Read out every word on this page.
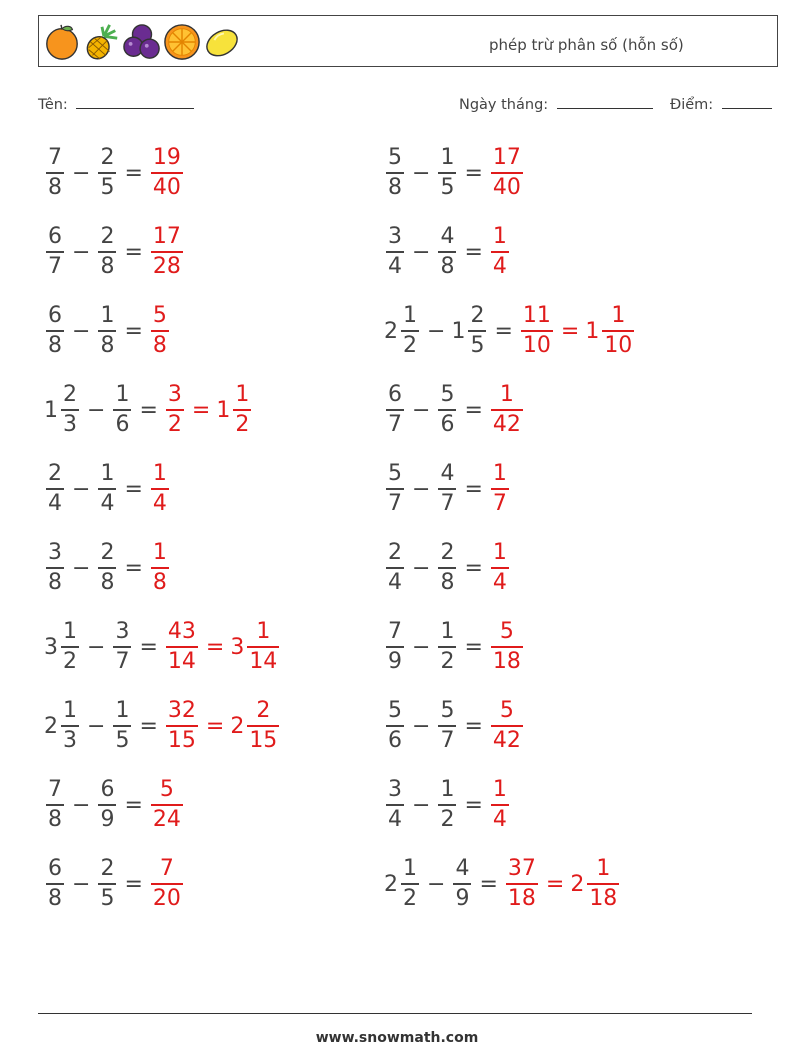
phép trừ phân số (hỗn số)
Tên:	Ngày tháng:	Điểm:
$\frac{7}{8} - \frac{2}{5} = \frac{19}{40}$	$\frac{5}{8} - \frac{1}{5} = \frac{17}{40}$
$\frac{6}{7} - \frac{2}{8} = \frac{17}{28}$	$\frac{3}{4} - \frac{4}{8} = \frac{1}{4}$
$\frac{6}{8} - \frac{1}{8} = \frac{5}{8}$	$2 \frac{1}{2} - 1 \frac{2}{5} = \frac{11}{10} = 1 \frac{1}{10}$
$1 \frac{2}{3} - \frac{1}{6} = \frac{3}{2} = 1 \frac{1}{2}$	$\frac{6}{7} - \frac{5}{6} = \frac{1}{42}$
$\frac{2}{4} - \frac{1}{4} = \frac{1}{4}$	$\frac{5}{7} - \frac{4}{7} = \frac{1}{7}$
$\frac{3}{8} - \frac{2}{8} = \frac{1}{8}$	$\frac{2}{4} - \frac{2}{8} = \frac{1}{4}$
$3 \frac{1}{2} - \frac{3}{7} = \frac{43}{14} = 3 \frac{1}{14}$	$\frac{7}{9} - \frac{1}{2} = \frac{5}{18}$
$2 \frac{1}{3} - \frac{1}{5} = \frac{32}{15} = 2 \frac{2}{15}$	$\frac{5}{6} - \frac{5}{7} = \frac{5}{42}$
$\frac{7}{8} - \frac{6}{9} = \frac{5}{24}$	$\frac{3}{4} - \frac{1}{2} = \frac{1}{4}$
$\frac{6}{8} - \frac{2}{5} = \frac{7}{20}$	$2 \frac{1}{2} - \frac{4}{9} = \frac{37}{18} = 2 \frac{1}{18}$
www.snowmath.com
